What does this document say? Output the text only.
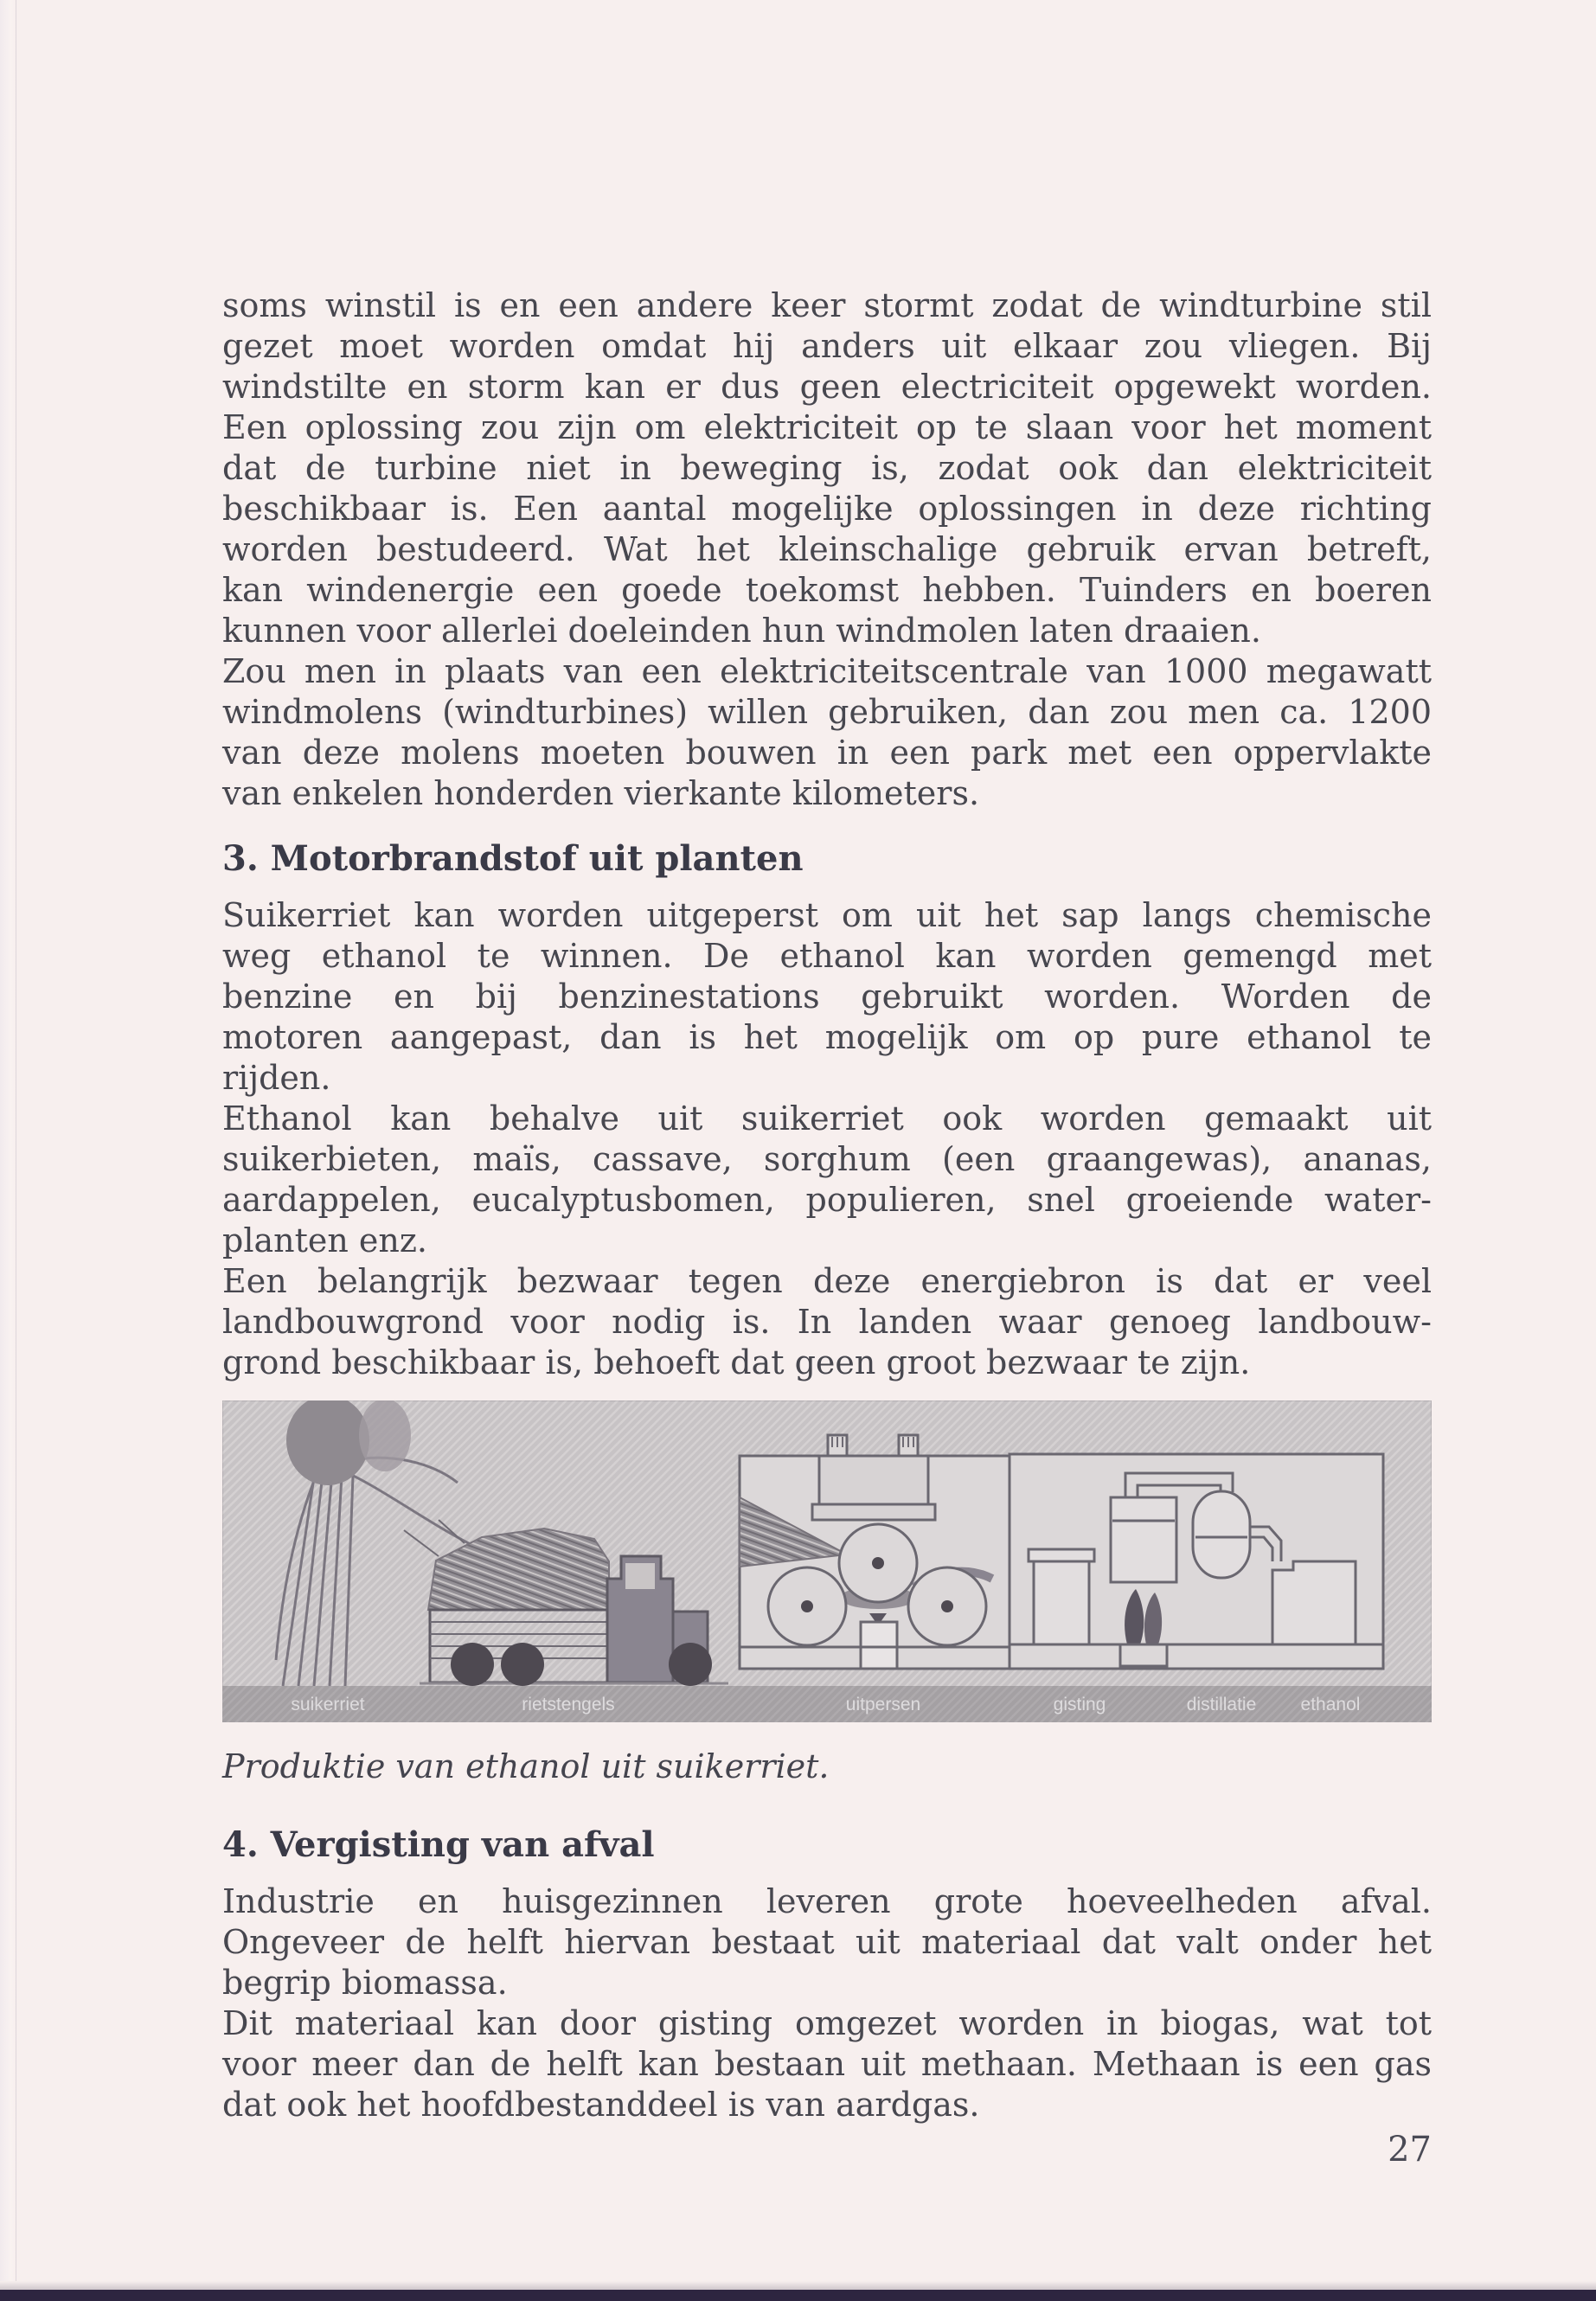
soms winstil is en een andere keer stormt zodat de windturbine stil
gezet moet worden omdat hij anders uit elkaar zou vliegen. Bij
windstilte en storm kan er dus geen electriciteit opgewekt worden.
Een oplossing zou zijn om elektriciteit op te slaan voor het moment
dat de turbine niet in beweging is, zodat ook dan elektriciteit
beschikbaar is. Een aantal mogelijke oplossingen in deze richting
worden bestudeerd. Wat het kleinschalige gebruik ervan betreft,
kan windenergie een goede toekomst hebben. Tuinders en boeren
kunnen voor allerlei doeleinden hun windmolen laten draaien.
Zou men in plaats van een elektriciteitscentrale van 1000 megawatt
windmolens (windturbines) willen gebruiken, dan zou men ca. 1200
van deze molens moeten bouwen in een park met een oppervlakte
van enkelen honderden vierkante kilometers.
3. Motorbrandstof uit planten
Suikerriet kan worden uitgeperst om uit het sap langs chemische
weg ethanol te winnen. De ethanol kan worden gemengd met
benzine en bij benzinestations gebruikt worden. Worden de
motoren aangepast, dan is het mogelijk om op pure ethanol te
rijden.
Ethanol kan behalve uit suikerriet ook worden gemaakt uit
suikerbieten, maïs, cassave, sorghum (een graangewas), ananas,
aardappelen, eucalyptusbomen, populieren, snel groeiende water-
planten enz.
Een belangrijk bezwaar tegen deze energiebron is dat er veel
landbouwgrond voor nodig is. In landen waar genoeg landbouw-
grond beschikbaar is, behoeft dat geen groot bezwaar te zijn.
suikerriet	rietstengels	uitpersen	gisting	distillatie ethanol
Produktie van ethanol uit suikerriet.
4. Vergisting van afval
Industrie en huisgezinnen leveren grote hoeveelheden afval.
Ongeveer de helft hiervan bestaat uit materiaal dat valt onder het
begrip biomassa.
Dit materiaal kan door gisting omgezet worden in biogas, wat tot
voor meer dan de helft kan bestaan uit methaan. Methaan is een gas
dat ook het hoofdbestanddeel is van aardgas.
27
